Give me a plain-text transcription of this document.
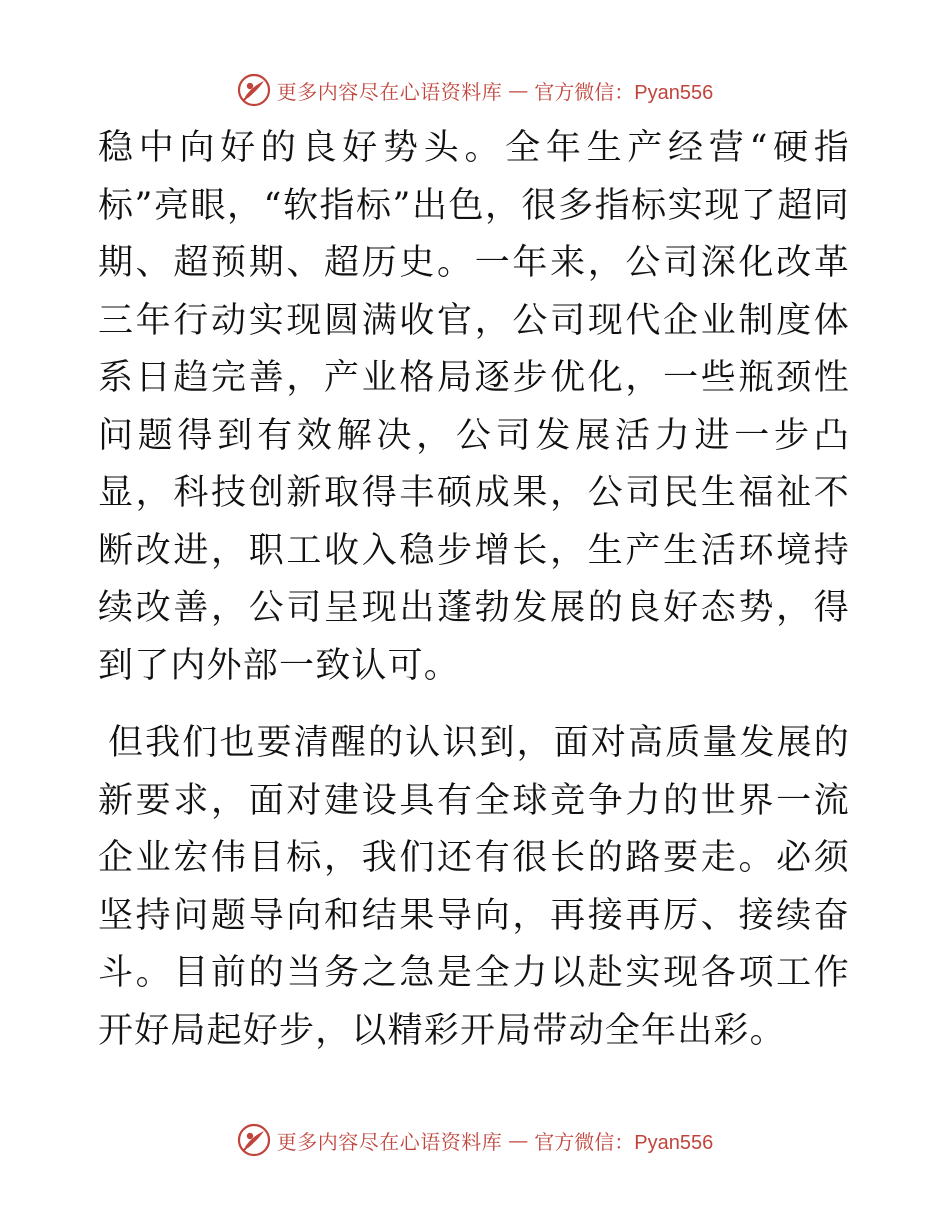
更多内容尽在心语资料库 — 官方微信：Pyan556

稳中向好的良好势头。全年生产经营“硬指标”亮眼，“软指标”出色，很多指标实现了超同期、超预期、超历史。一年来，公司深化改革三年行动实现圆满收官，公司现代企业制度体系日趋完善，产业格局逐步优化，一些瓶颈性问题得到有效解决，公司发展活力进一步凸显，科技创新取得丰硕成果，公司民生福祉不断改进，职工收入稳步增长，生产生活环境持续改善，公司呈现出蓬勃发展的良好态势，得到了内外部一致认可。

但我们也要清醒的认识到，面对高质量发展的新要求，面对建设具有全球竞争力的世界一流企业宏伟目标，我们还有很长的路要走。必须坚持问题导向和结果导向，再接再厉、接续奋斗。目前的当务之急是全力以赴实现各项工作开好局起好步，以精彩开局带动全年出彩。

更多内容尽在心语资料库 — 官方微信：Pyan556
